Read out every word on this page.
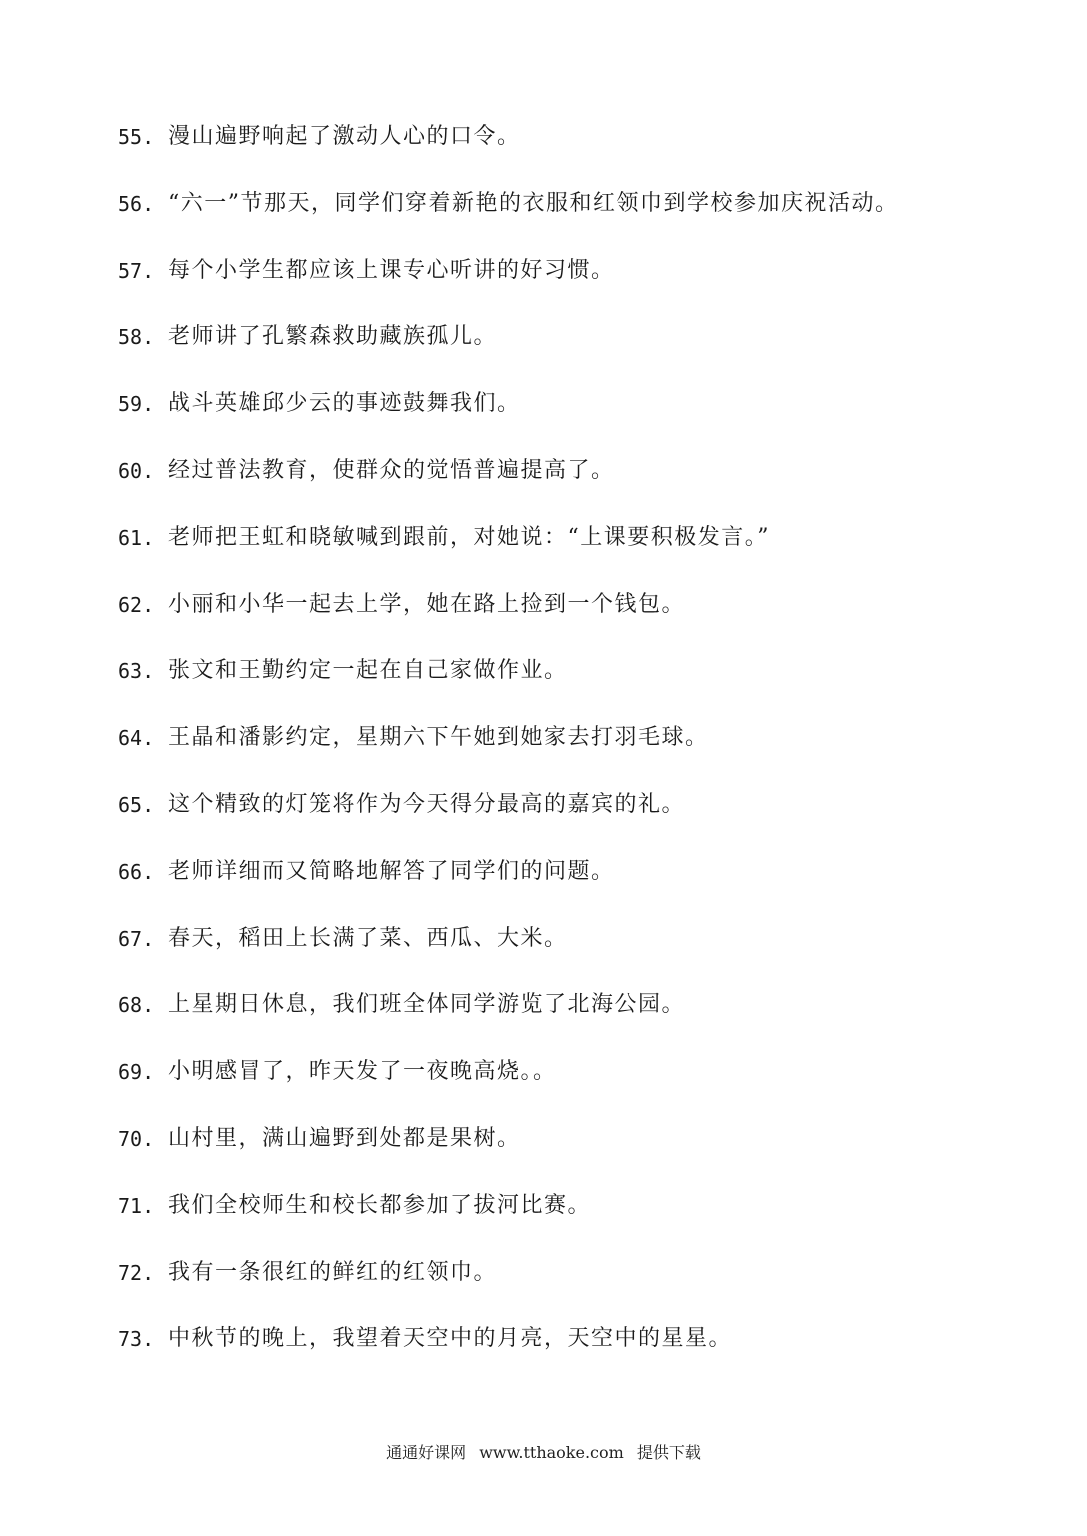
55. 漫山遍野响起了激动人心的口令。
56. “六一”节那天，同学们穿着新艳的衣服和红领巾到学校参加庆祝活动。
57. 每个小学生都应该上课专心听讲的好习惯。
58. 老师讲了孔繁森救助藏族孤儿。
59. 战斗英雄邱少云的事迹鼓舞我们。
60. 经过普法教育，使群众的觉悟普遍提高了。
61. 老师把王虹和晓敏喊到跟前，对她说：“上课要积极发言。”
62. 小丽和小华一起去上学，她在路上捡到一个钱包。
63. 张文和王勤约定一起在自己家做作业。
64. 王晶和潘影约定，星期六下午她到她家去打羽毛球。
65. 这个精致的灯笼将作为今天得分最高的嘉宾的礼。
66. 老师详细而又简略地解答了同学们的问题。
67. 春天，稻田上长满了菜、西瓜、大米。
68. 上星期日休息，我们班全体同学游览了北海公园。
69. 小明感冒了，昨天发了一夜晚高烧。。
70. 山村里，满山遍野到处都是果树。
71. 我们全校师生和校长都参加了拔河比赛。
72. 我有一条很红的鲜红的红领巾。
73. 中秋节的晚上，我望着天空中的月亮，天空中的星星。
通通好课网 www.tthaoke.com 提供下载
